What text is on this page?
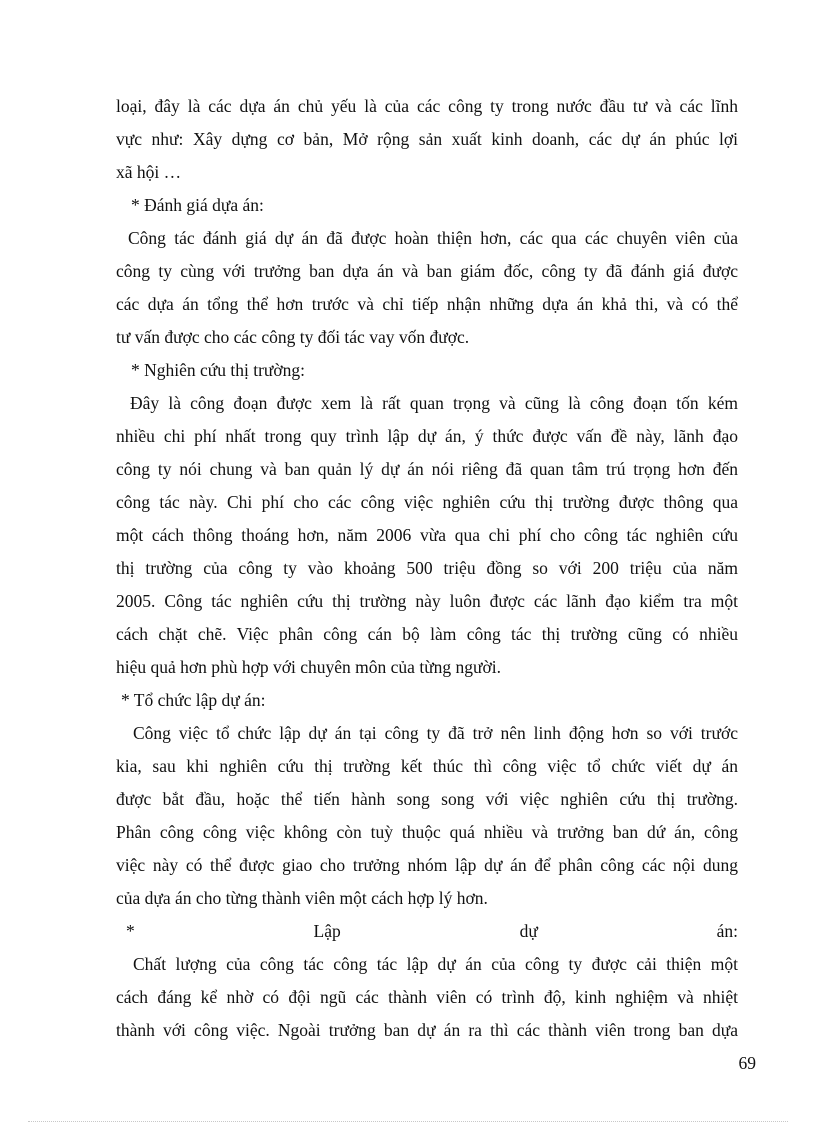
loại, đây là các dựa án chủ yếu là của các công ty trong nước đầu tư và các lĩnh
vực như: Xây dựng cơ bản, Mở rộng sản xuất kinh doanh, các dự án phúc lợi
xã hội …
* Đánh giá dựa án:
Công tác đánh giá dự án đã được hoàn thiện hơn, các qua các chuyên viên của
công ty cùng với trưởng ban dựa án và ban giám đốc, công ty đã đánh giá được
các dựa án tổng thể hơn trước và chỉ tiếp nhận những dựa án khả thi, và có thể
tư vấn được cho các công ty đối tác vay vốn được.
* Nghiên cứu thị trường:
Đây là công đoạn được xem là rất quan trọng và cũng là công đoạn tốn kém
nhiều chi phí nhất trong quy trình lập dự án, ý thức được vấn đề này, lãnh đạo
công ty nói chung và ban quản lý dự án nói riêng đã quan tâm trú trọng hơn đến
công tác này. Chi phí cho các công việc nghiên cứu thị trường được thông qua
một cách thông thoáng hơn, năm 2006 vừa qua chi phí cho công tác nghiên cứu
thị trường của công ty vào khoảng 500 triệu đồng so với 200 triệu của năm
2005. Công tác nghiên cứu thị trường này luôn được các lãnh đạo kiểm tra một
cách chặt chẽ. Việc phân công cán bộ làm công tác thị trường cũng có nhiều
hiệu quả hơn phù hợp với chuyên môn của từng người.
* Tổ chức lập dự án:
Công việc tổ chức lập dự án tại công ty đã trở nên linh động hơn so với trước
kia, sau khi nghiên cứu thị trường kết thúc thì công việc tổ chức viết dự án
được bắt đầu, hoặc thể tiến hành song song với việc nghiên cứu thị trường.
Phân công công việc không còn tuỳ thuộc quá nhiều và trưởng ban dứ án, công
việc này có thể được giao cho trưởng nhóm lập dự án để phân công các nội dung
của dựa án cho từng thành viên một cách hợp lý hơn.
* Lập dự án:
Chất lượng của công tác công tác lập dự án của công ty được cải thiện một
cách đáng kể nhờ có đội ngũ các thành viên có trình độ, kinh nghiệm và nhiệt
thành với công việc. Ngoài trưởng ban dự án ra thì các thành viên trong ban dựa
69
